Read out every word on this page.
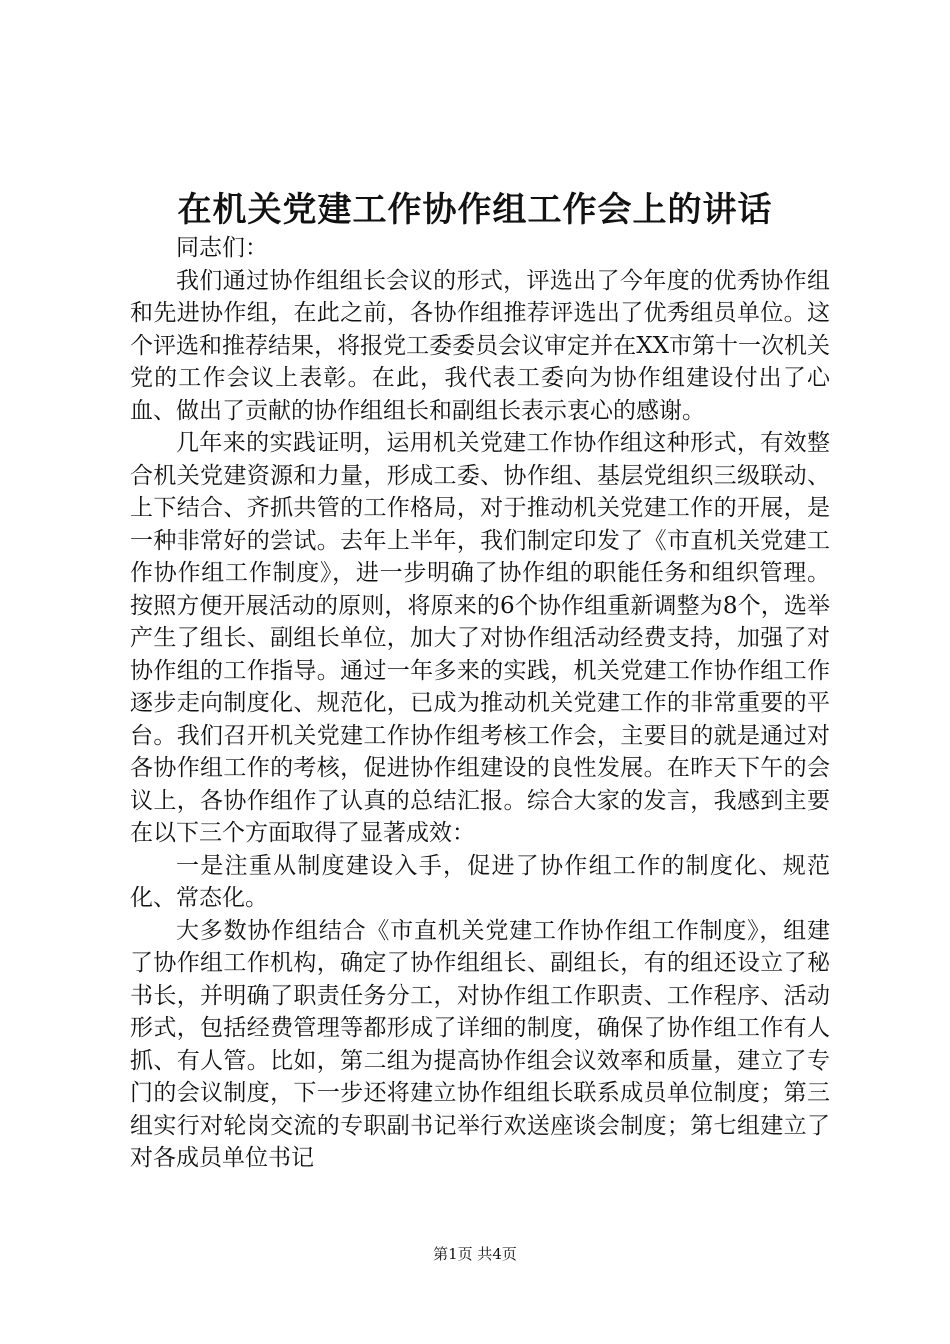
在机关党建工作协作组工作会上的讲话

同志们：

我们通过协作组组长会议的形式，评选出了今年度的优秀协作组和先进协作组，在此之前，各协作组推荐评选出了优秀组员单位。这个评选和推荐结果，将报党工委委员会议审定并在XX市第十一次机关党的工作会议上表彰。在此，我代表工委向为协作组建设付出了心血、做出了贡献的协作组组长和副组长表示衷心的感谢。

几年来的实践证明，运用机关党建工作协作组这种形式，有效整合机关党建资源和力量，形成工委、协作组、基层党组织三级联动、上下结合、齐抓共管的工作格局，对于推动机关党建工作的开展，是一种非常好的尝试。去年上半年，我们制定印发了《市直机关党建工作协作组工作制度》，进一步明确了协作组的职能任务和组织管理。按照方便开展活动的原则，将原来的6个协作组重新调整为8个，选举产生了组长、副组长单位，加大了对协作组活动经费支持，加强了对协作组的工作指导。通过一年多来的实践，机关党建工作协作组工作逐步走向制度化、规范化，已成为推动机关党建工作的非常重要的平台。我们召开机关党建工作协作组考核工作会，主要目的就是通过对各协作组工作的考核，促进协作组建设的良性发展。在昨天下午的会议上，各协作组作了认真的总结汇报。综合大家的发言，我感到主要在以下三个方面取得了显著成效：

一是注重从制度建设入手，促进了协作组工作的制度化、规范化、常态化。

大多数协作组结合《市直机关党建工作协作组工作制度》，组建了协作组工作机构，确定了协作组组长、副组长，有的组还设立了秘书长，并明确了职责任务分工，对协作组工作职责、工作程序、活动形式，包括经费管理等都形成了详细的制度，确保了协作组工作有人抓、有人管。比如，第二组为提高协作组会议效率和质量，建立了专门的会议制度，下一步还将建立协作组组长联系成员单位制度；第三组实行对轮岗交流的专职副书记举行欢送座谈会制度；第七组建立了对各成员单位书记

第1页 共4页
